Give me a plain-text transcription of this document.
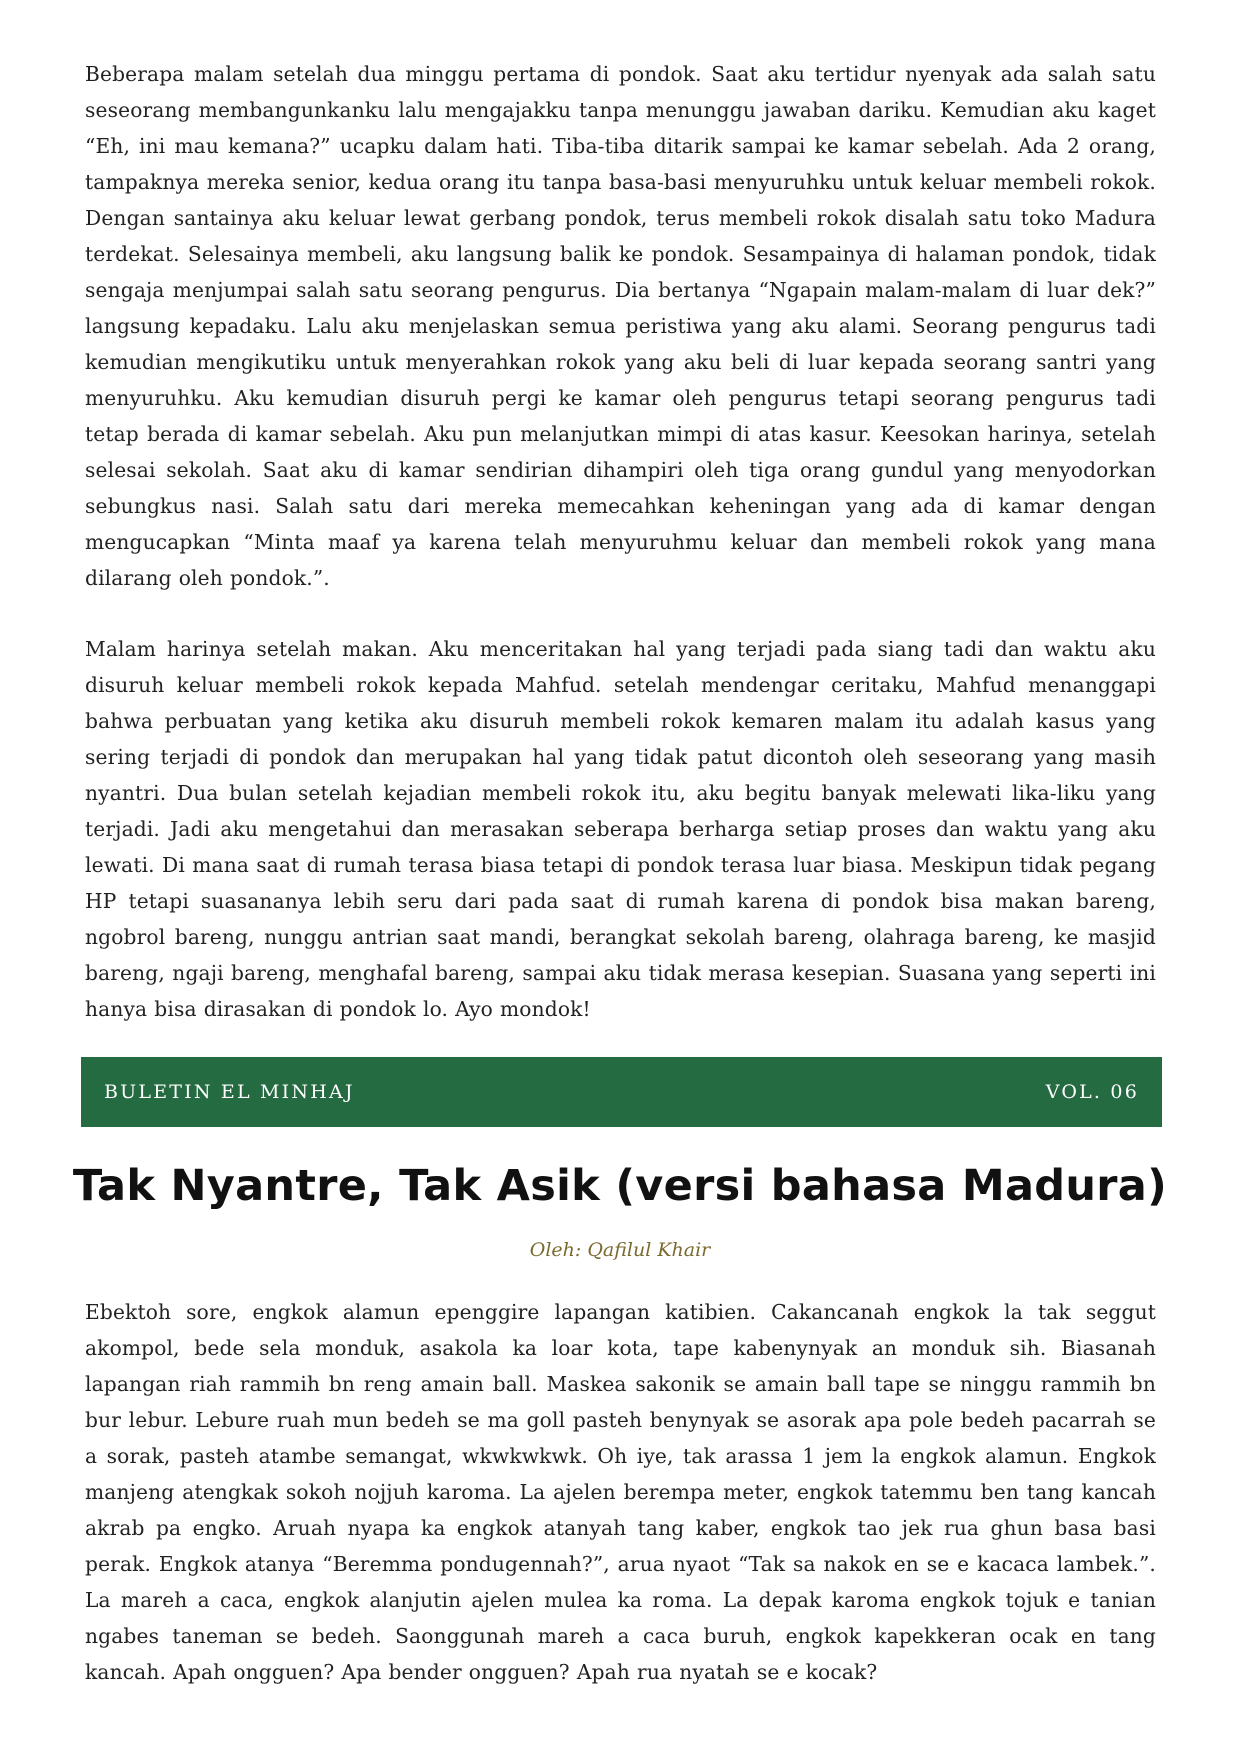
Beberapa malam setelah dua minggu pertama di pondok. Saat aku tertidur nyenyak ada salah satu seseorang membangunkanku lalu mengajakku tanpa menunggu jawaban dariku. Kemudian aku kaget “Eh, ini mau kemana?” ucapku dalam hati. Tiba-tiba ditarik sampai ke kamar sebelah. Ada 2 orang, tampaknya mereka senior, kedua orang itu tanpa basa-basi menyuruhku untuk keluar membeli rokok. Dengan santainya aku keluar lewat gerbang pondok, terus membeli rokok disalah satu toko Madura terdekat. Selesainya membeli, aku langsung balik ke pondok. Sesampainya di halaman pondok, tidak sengaja menjumpai salah satu seorang pengurus. Dia bertanya “Ngapain malam-malam di luar dek?” langsung kepadaku. Lalu aku menjelaskan semua peristiwa yang aku alami. Seorang pengurus tadi kemudian mengikutiku untuk menyerahkan rokok yang aku beli di luar kepada seorang santri yang menyuruhku. Aku kemudian disuruh pergi ke kamar oleh pengurus tetapi seorang pengurus tadi tetap berada di kamar sebelah. Aku pun melanjutkan mimpi di atas kasur. Keesokan harinya, setelah selesai sekolah. Saat aku di kamar sendirian dihampiri oleh tiga orang gundul yang menyodorkan sebungkus nasi. Salah satu dari mereka memecahkan keheningan yang ada di kamar dengan mengucapkan “Minta maaf ya karena telah menyuruhmu keluar dan membeli rokok yang mana dilarang oleh pondok.”.

Malam harinya setelah makan. Aku menceritakan hal yang terjadi pada siang tadi dan waktu aku disuruh keluar membeli rokok kepada Mahfud. setelah mendengar ceritaku, Mahfud menanggapi bahwa perbuatan yang ketika aku disuruh membeli rokok kemaren malam itu adalah kasus yang sering terjadi di pondok dan merupakan hal yang tidak patut dicontoh oleh seseorang yang masih nyantri. Dua bulan setelah kejadian membeli rokok itu, aku begitu banyak melewati lika-liku yang terjadi. Jadi aku mengetahui dan merasakan seberapa berharga setiap proses dan waktu yang aku lewati. Di mana saat di rumah terasa biasa tetapi di pondok terasa luar biasa. Meskipun tidak pegang HP tetapi suasananya lebih seru dari pada saat di rumah karena di pondok bisa makan bareng, ngobrol bareng, nunggu antrian saat mandi, berangkat sekolah bareng, olahraga bareng, ke masjid bareng, ngaji bareng, menghafal bareng, sampai aku tidak merasa kesepian. Suasana yang seperti ini hanya bisa dirasakan di pondok lo. Ayo mondok!

BULETIN EL MINHAJ	VOL. 06
Tak Nyantre, Tak Asik (versi bahasa Madura)

Oleh: Qafilul Khair

Ebektoh sore, engkok alamun epenggire lapangan katibien. Cakancanah engkok la tak seggut akompol, bede sela monduk, asakola ka loar kota, tape kabenynyak an monduk sih. Biasanah lapangan riah rammih bn reng amain ball. Maskea sakonik se amain ball tape se ninggu rammih bn bur lebur. Lebure ruah mun bedeh se ma goll pasteh benynyak se asorak apa pole bedeh pacarrah se a sorak, pasteh atambe semangat, wkwkwkwk. Oh iye, tak arassa 1 jem la engkok alamun. Engkok manjeng atengkak sokoh nojjuh karoma. La ajelen berempa meter, engkok tatemmu ben tang kancah akrab pa engko. Aruah nyapa ka engkok atanyah tang kaber, engkok tao jek rua ghun basa basi perak. Engkok atanya “Beremma pondugennah?”, arua nyaot “Tak sa nakok en se e kacaca lambek.”. La mareh a caca, engkok alanjutin ajelen mulea ka roma. La depak karoma engkok tojuk e tanian ngabes taneman se bedeh. Saonggunah mareh a caca buruh, engkok kapekkeran ocak en tang kancah. Apah ongguen? Apa bender ongguen? Apah rua nyatah se e kocak?
